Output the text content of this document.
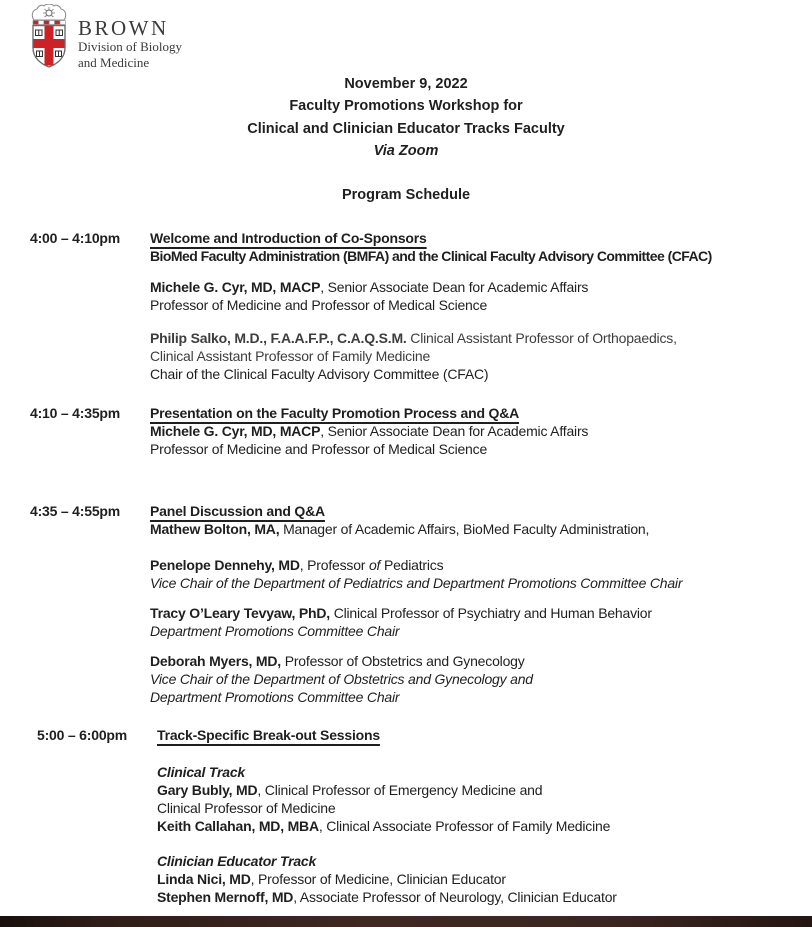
BROWN
Division of Biology
and Medicine
November 9, 2022
Faculty Promotions Workshop for
Clinical and Clinician Educator Tracks Faculty
Via Zoom
Program Schedule
4:00 – 4:10pm	Welcome and Introduction of Co-Sponsors
BioMed Faculty Administration (BMFA) and the Clinical Faculty Advisory Committee (CFAC)
Michele G. Cyr, MD, MACP, Senior Associate Dean for Academic Affairs
Professor of Medicine and Professor of Medical Science
Philip Salko, M.D., F.A.A.F.P., C.A.Q.S.M. Clinical Assistant Professor of Orthopaedics,
Clinical Assistant Professor of Family Medicine
Chair of the Clinical Faculty Advisory Committee (CFAC)
4:10 – 4:35pm	Presentation on the Faculty Promotion Process and Q&A
Michele G. Cyr, MD, MACP, Senior Associate Dean for Academic Affairs
Professor of Medicine and Professor of Medical Science
4:35 – 4:55pm	Panel Discussion and Q&A
Mathew Bolton, MA, Manager of Academic Affairs, BioMed Faculty Administration,
Penelope Dennehy, MD, Professor of Pediatrics
Vice Chair of the Department of Pediatrics and Department Promotions Committee Chair
Tracy O’Leary Tevyaw, PhD, Clinical Professor of Psychiatry and Human Behavior
Department Promotions Committee Chair
Deborah Myers, MD, Professor of Obstetrics and Gynecology
Vice Chair of the Department of Obstetrics and Gynecology and
Department Promotions Committee Chair
5:00 – 6:00pm	Track-Specific Break-out Sessions
Clinical Track
Gary Bubly, MD, Clinical Professor of Emergency Medicine and
Clinical Professor of Medicine
Keith Callahan, MD, MBA, Clinical Associate Professor of Family Medicine
Clinician Educator Track
Linda Nici, MD, Professor of Medicine, Clinician Educator
Stephen Mernoff, MD, Associate Professor of Neurology, Clinician Educator
